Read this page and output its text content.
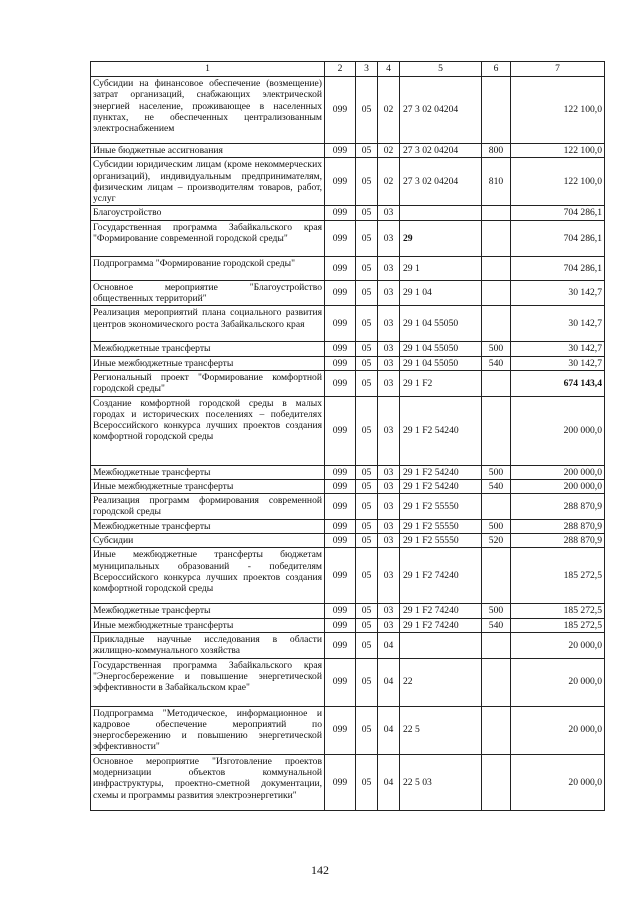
1	2	3	4	5	6	7
Субсидии на финансовое обеспечение (возмещение) затрат организаций, снабжающих электрической энергией население, проживающее в населенных пунктах, не обеспеченных централизованным электроснабжением	099	05	02	27 3 02 04204		122 100,0
Иные бюджетные ассигнования	099	05	02	27 3 02 04204	800	122 100,0
Субсидии юридическим лицам (кроме некоммерческих организаций), индивидуальным предпринимателям, физическим лицам – производителям товаров, работ, услуг	099	05	02	27 3 02 04204	810	122 100,0
Благоустройство	099	05	03			704 286,1
Государственная программа Забайкальского края "Формирование современной городской среды"	099	05	03	29		704 286,1
Подпрограмма "Формирование городской среды"	099	05	03	29 1		704 286,1
Основное мероприятие "Благоустройство общественных территорий"	099	05	03	29 1 04		30 142,7
Реализация мероприятий плана социального развития центров экономического роста Забайкальского края	099	05	03	29 1 04 55050		30 142,7
Межбюджетные трансферты	099	05	03	29 1 04 55050	500	30 142,7
Иные межбюджетные трансферты	099	05	03	29 1 04 55050	540	30 142,7
Региональный проект "Формирование комфортной городской среды"	099	05	03	29 1 F2		674 143,4
Создание комфортной городской среды в малых городах и исторических поселениях – победителях Всероссийского конкурса лучших проектов создания комфортной городской среды	099	05	03	29 1 F2 54240		200 000,0
Межбюджетные трансферты	099	05	03	29 1 F2 54240	500	200 000,0
Иные межбюджетные трансферты	099	05	03	29 1 F2 54240	540	200 000,0
Реализация программ формирования современной городской среды	099	05	03	29 1 F2 55550		288 870,9
Межбюджетные трансферты	099	05	03	29 1 F2 55550	500	288 870,9
Субсидии	099	05	03	29 1 F2 55550	520	288 870,9
Иные межбюджетные трансферты бюджетам муниципальных образований - победителям Всероссийского конкурса лучших проектов создания комфортной городской среды	099	05	03	29 1 F2 74240		185 272,5
Межбюджетные трансферты	099	05	03	29 1 F2 74240	500	185 272,5
Иные межбюджетные трансферты	099	05	03	29 1 F2 74240	540	185 272,5
Прикладные научные исследования в области жилищно-коммунального хозяйства	099	05	04			20 000,0
Государственная программа Забайкальского края "Энергосбережение и повышение энергетической эффективности в Забайкальском крае"	099	05	04	22		20 000,0
Подпрограмма "Методическое, информационное и кадровое обеспечение мероприятий по энергосбережению и повышению энергетической эффективности"	099	05	04	22 5		20 000,0
Основное мероприятие "Изготовление проектов модернизации объектов коммунальной инфраструктуры, проектно-сметной документации, схемы и программы развития электроэнергетики"	099	05	04	22 5 03		20 000,0
142
